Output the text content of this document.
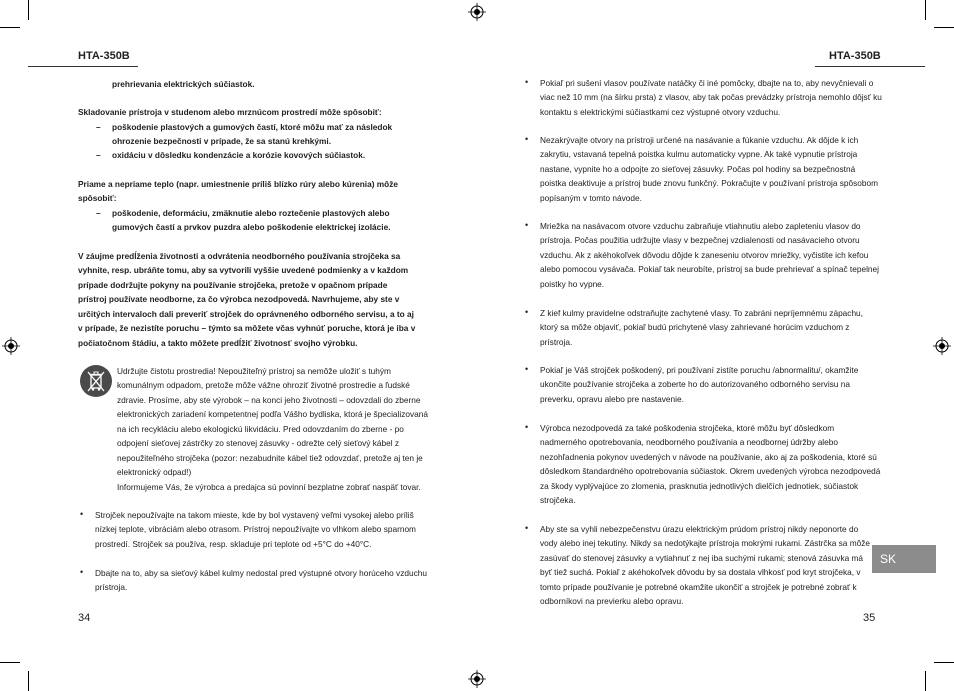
HTA-350B
prehrievania elektrických súčiastok.
Skladovanie prístroja v studenom alebo mrznúcom prostredí môže spôsobiť:
– poškodenie plastových a gumových častí, ktoré môžu mať za následok
ohrozenie bezpečnosti v prípade, že sa stanú krehkými.
– oxidáciu v dôsledku kondenzácie a korózie kovových súčiastok.
Priame a nepriame teplo (napr. umiestnenie príliš blízko rúry alebo kúrenia) môže
spôsobiť:
– poškodenie, deformáciu, zmäknutie alebo roztečenie plastových alebo
gumových častí a prvkov puzdra alebo poškodenie elektrickej izolácie.
V záujme predĺženia životnosti a odvrátenia neodborného používania strojčeka sa
vyhnite, resp. ubráňte tomu, aby sa vytvorili vyššie uvedené podmienky a v každom
prípade dodržujte pokyny na používanie strojčeka, pretože v opačnom prípade
prístroj používate neodborne, za čo výrobca nezodpovedá. Navrhujeme, aby ste v
určitých intervaloch dali preveriť strojček do oprávneného odborného servisu, a to aj
v prípade, že nezistíte poruchu – týmto sa môžete včas vyhnúť poruche, ktorá je iba v
počiatočnom štádiu, a takto môžete predĺžiť životnosť svojho výrobku.
Udržujte čistotu prostredia! Nepoužiteľný prístroj sa nemôže uložiť s tuhým
komunálnym odpadom, pretože môže vážne ohroziť životné prostredie a ľudské
zdravie. Prosíme, aby ste výrobok – na konci jeho životnosti – odovzdali do zberne
elektronických zariadení kompetentnej podľa Vášho bydliska, ktorá je špecializovaná
na ich recykláciu alebo ekologickú likvidáciu. Pred odovzdaním do zberne - po
odpojení sieťovej zástrčky zo stenovej zásuvky - odrežte celý sieťový kábel z
nepoužiteľného strojčeka (pozor: nezabudnite kábel tiež odovzdať, pretože aj ten je
elektronický odpad!)
Informujeme Vás, že výrobca a predajca sú povinní bezplatne zobrať naspäť tovar.
• Strojček nepoužívajte na takom mieste, kde by bol vystavený veľmi vysokej alebo príliš
nízkej teplote, vibráciám alebo otrasom. Prístroj nepoužívajte vo vlhkom alebo sparnom
prostredí. Strojček sa používa, resp. skladuje pri teplote od +5°C do +40°C.
• Dbajte na to, aby sa sieťový kábel kulmy nedostal pred výstupné otvory horúceho vzduchu
prístroja.
34
HTA-350B
• Pokiaľ pri sušení vlasov používate natáčky či iné pomôcky, dbajte na to, aby nevyčnievali o
viac než 10 mm (na šírku prsta) z vlasov, aby tak počas prevádzky prístroja nemohlo dôjsť ku
kontaktu s elektrickými súčiastkami cez výstupné otvory vzduchu.
• Nezakrývajte otvory na prístroji určené na nasávanie a fúkanie vzduchu. Ak dôjde k ich
zakrytiu, vstavaná tepelná poistka kulmu automaticky vypne. Ak také vypnutie prístroja
nastane, vypnite ho a odpojte zo sieťovej zásuvky. Počas pol hodiny sa bezpečnostná
poistka deaktivuje a prístroj bude znovu funkčný. Pokračujte v používaní prístroja spôsobom
popísaným v tomto návode.
• Mriežka na nasávacom otvore vzduchu zabraňuje vtiahnutiu alebo zapleteniu vlasov do
prístroja. Počas použitia udržujte vlasy v bezpečnej vzdialenosti od nasávacieho otvoru
vzduchu. Ak z akéhokoľvek dôvodu dôjde k zaneseniu otvorov mriežky, vyčistite ich kefou
alebo pomocou vysávača. Pokiaľ tak neurobíte, prístroj sa bude prehrievať a spínač tepelnej
poistky ho vypne.
• Z kief kulmy pravidelne odstraňujte zachytené vlasy. To zabráni nepríjemnému zápachu,
ktorý sa môže objaviť, pokiaľ budú prichytené vlasy zahrievané horúcim vzduchom z
prístroja.
• Pokiaľ je Váš strojček poškodený, pri používaní zistíte poruchu /abnormalitu/, okamžite
ukončite používanie strojčeka a zoberte ho do autorizovaného odborného servisu na
preverku, opravu alebo pre nastavenie.
• Výrobca nezodpovedá za také poškodenia strojčeka, ktoré môžu byť dôsledkom
nadmerného opotrebovania, neodborného používania a neodbornej údržby alebo
nezohľadnenia pokynov uvedených v návode na používanie, ako aj za poškodenia, ktoré sú
dôsledkom štandardného opotrebovania súčiastok. Okrem uvedených výrobca nezodpovedá
za škody vyplývajúce zo zlomenia, prasknutia jednotlivých dielčích jednotiek, súčiastok
strojčeka.
• Aby ste sa vyhli nebezpečenstvu úrazu elektrickým prúdom prístroj nikdy neponorte do
vody alebo inej tekutiny. Nikdy sa nedotýkajte prístroja mokrými rukami. Zástrčka sa môže
zasúvať do stenovej zásuvky a vytiahnuť z nej iba suchými rukami; stenová zásuvka má
byť tiež suchá. Pokiaľ z akéhokoľvek dôvodu by sa dostala vlhkosť pod kryt strojčeka, v
tomto prípade používanie je potrebné okamžite ukončiť a strojček je potrebné zobrať k
odborníkovi na previerku alebo opravu.
35
SK
